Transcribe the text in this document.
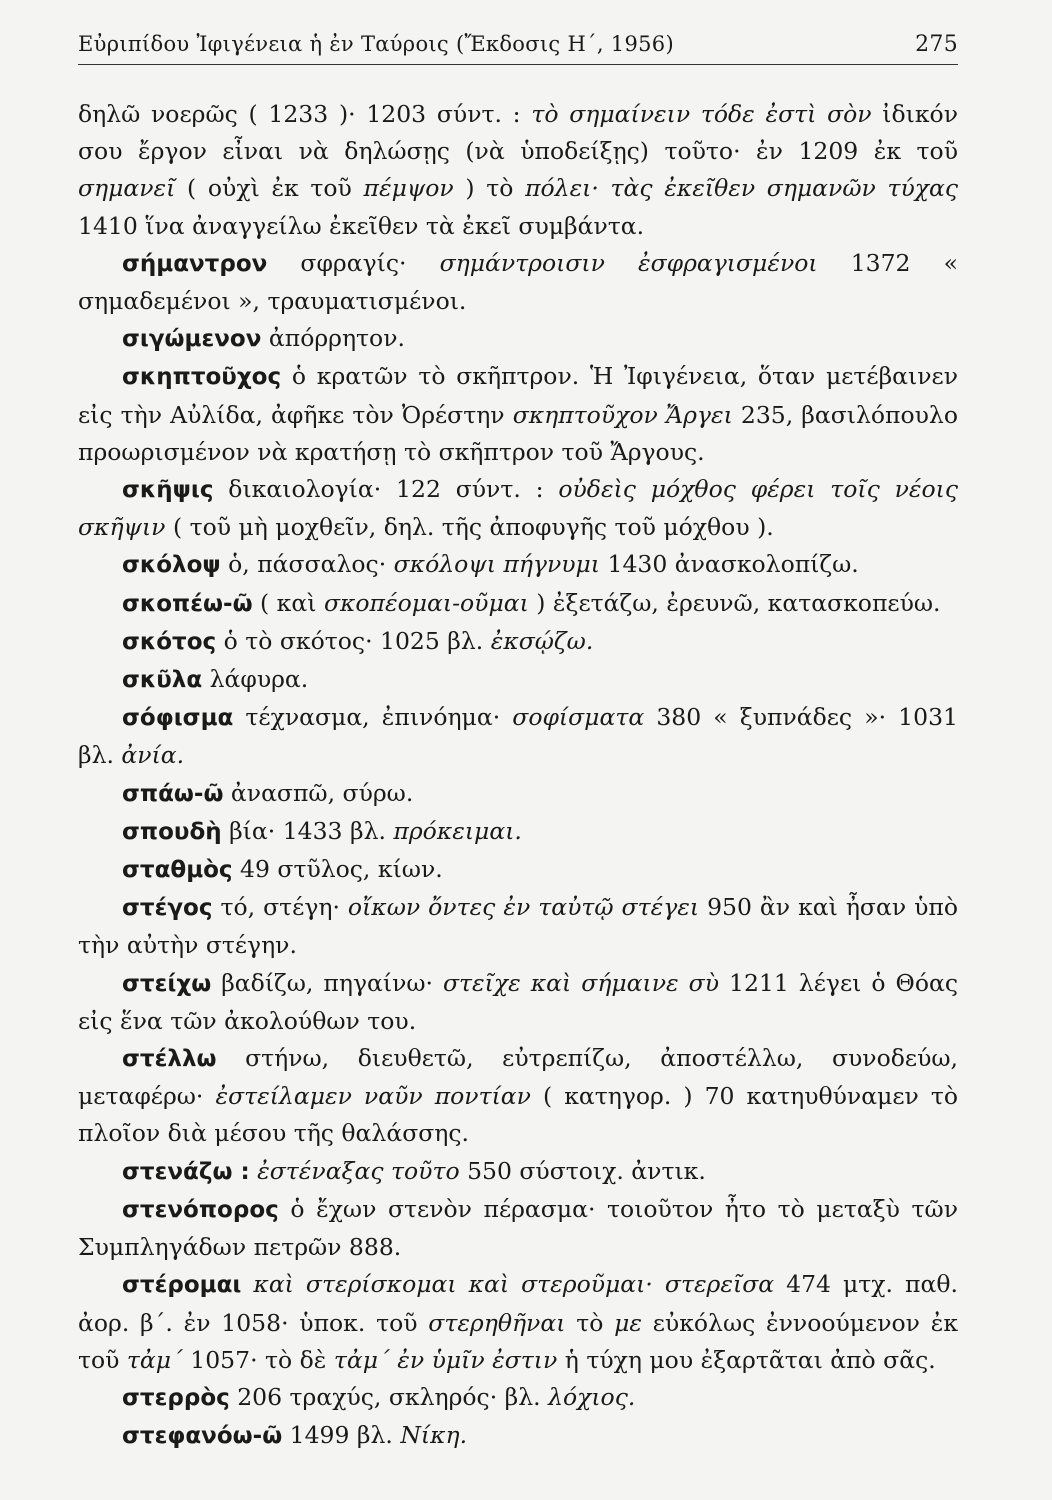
Εὐριπίδου Ἰφιγένεια ἡ ἐν Ταύροις (Ἔκδοσις Η΄, 1956)	275

δηλῶ νοερῶς ( 1233 )· 1203 σύντ. : τὸ σημαίνειν τόδε ἐστὶ σὸν ἰδικόν σου ἔργον εἶναι νὰ δηλώσῃς (νὰ ὑποδείξῃς) τοῦτο· ἐν 1209 ἐκ τοῦ σημανεῖ ( οὐχὶ ἐκ τοῦ πέμψον ) τὸ πόλει· τὰς ἐκεῖθεν σημανῶν τύχας 1410 ἵνα ἀναγγείλω ἐκεῖθεν τὰ ἐκεῖ συμβάντα.

σήμαντρον σφραγίς· σημάντροισιν ἐσφραγισμένοι 1372 « σημαδεμένοι », τραυματισμένοι.

σιγώμενον ἀπόρρητον.

σκηπτοῦχος ὁ κρατῶν τὸ σκῆπτρον. Ἡ Ἰφιγένεια, ὅταν μετέβαινεν εἰς τὴν Αὐλίδα, ἀφῆκε τὸν Ὀρέστην σκηπτοῦχον Ἄργει 235, βασιλόπουλο προωρισμένον νὰ κρατήσῃ τὸ σκῆπτρον τοῦ Ἄργους.

σκῆψις δικαιολογία· 122 σύντ. : οὐδεὶς μόχθος φέρει τοῖς νέοις σκῆψιν ( τοῦ μὴ μοχθεῖν, δηλ. τῆς ἀποφυγῆς τοῦ μόχθου ).

σκόλοψ ὁ, πάσσαλος· σκόλοψι πήγνυμι 1430 ἀνασκολοπίζω.

σκοπέω-ῶ ( καὶ σκοπέομαι-οῦμαι ) ἐξετάζω, ἐρευνῶ, κατασκοπεύω.

σκότος ὁ τὸ σκότος· 1025 βλ. ἐκσῴζω.

σκῦλα λάφυρα.

σόφισμα τέχνασμα, ἐπινόημα· σοφίσματα 380 « ξυπνάδες »· 1031 βλ. ἀνία.

σπάω-ῶ ἀνασπῶ, σύρω.

σπουδὴ βία· 1433 βλ. πρόκειμαι.

σταθμὸς 49 στῦλος, κίων.

στέγος τό, στέγη· οἴκων ὄντες ἐν ταὐτῷ στέγει 950 ἂν καὶ ἦσαν ὑπὸ τὴν αὐτὴν στέγην.

στείχω βαδίζω, πηγαίνω· στεῖχε καὶ σήμαινε σὺ 1211 λέγει ὁ Θόας εἰς ἕνα τῶν ἀκολούθων του.

στέλλω στήνω, διευθετῶ, εὐτρεπίζω, ἀποστέλλω, συνοδεύω, μεταφέρω· ἐστείλαμεν ναῦν ποντίαν ( κατηγορ. ) 70 κατηυθύναμεν τὸ πλοῖον διὰ μέσου τῆς θαλάσσης.

στενάζω : ἐστέναξας τοῦτο 550 σύστοιχ. ἀντικ.

στενόπορος ὁ ἔχων στενὸν πέρασμα· τοιοῦτον ἦτο τὸ μεταξὺ τῶν Συμπληγάδων πετρῶν 888.

στέρομαι καὶ στερίσκομαι καὶ στεροῦμαι· στερεῖσα 474 μτχ. παθ. ἀορ. β΄. ἐν 1058· ὑποκ. τοῦ στερηθῆναι τὸ με εὐκόλως ἐννοούμενον ἐκ τοῦ τἀμ΄ 1057· τὸ δὲ τἀμ΄ ἐν ὑμῖν ἐστιν ἡ τύχη μου ἐξαρτᾶται ἀπὸ σᾶς.

στερρὸς 206 τραχύς, σκληρός· βλ. λόχιος.

στεφανόω-ῶ 1499 βλ. Νίκη.
